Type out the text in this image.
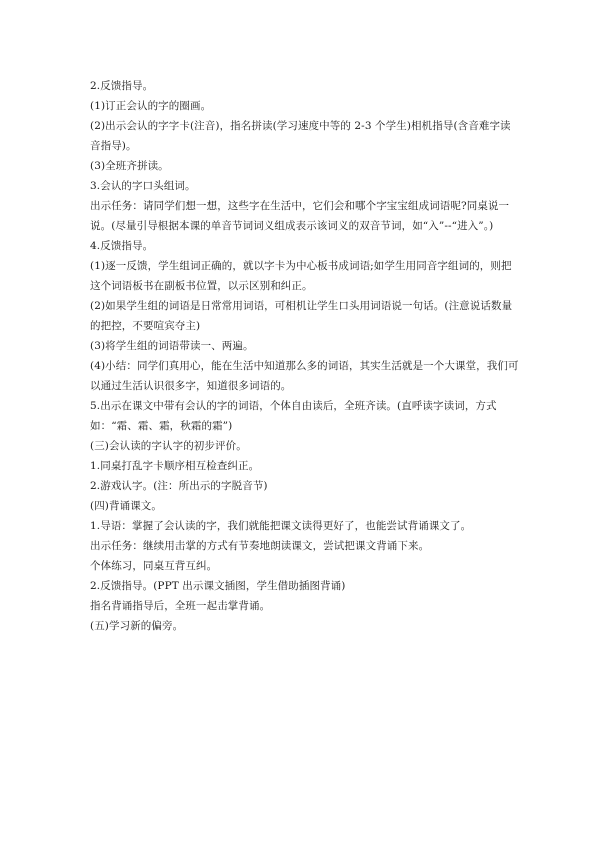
2.反馈指导。

(1)订正会认的字的圈画。

(2)出示会认的字字卡(注音)，指名拼读(学习速度中等的 2-3 个学生)相机指导(含音难字读音指导)。

(3)全班齐拼读。

3.会认的字口头组词。

出示任务：请同学们想一想，这些字在生活中，它们会和哪个字宝宝组成词语呢?同桌说一说。(尽量引导根据本课的单音节词词义组成表示该词义的双音节词，如“入”--“进入”。)

4.反馈指导。

(1)逐一反馈，学生组词正确的，就以字卡为中心板书成词语;如学生用同音字组词的，则把这个词语板书在副板书位置，以示区别和纠正。

(2)如果学生组的词语是日常常用词语，可相机让学生口头用词语说一句话。(注意说话数量的把控，不要喧宾夺主)

(3)将学生组的词语带读一、两遍。

(4)小结：同学们真用心，能在生活中知道那么多的词语，其实生活就是一个大课堂，我们可以通过生活认识很多字，知道很多词语的。

5.出示在课文中带有会认的字的词语，个体自由读后，全班齐读。(直呼读字读词，方式如：“霜、霜、霜，秋霜的霜”)

(三)会认读的字认字的初步评价。

1.同桌打乱字卡顺序相互检查纠正。

2.游戏认字。(注：所出示的字脱音节)

(四)背诵课文。

1.导语：掌握了会认读的字，我们就能把课文读得更好了，也能尝试背诵课文了。

出示任务：继续用击掌的方式有节奏地朗读课文，尝试把课文背诵下来。

个体练习，同桌互背互纠。

2.反馈指导。(PPT 出示课文插图，学生借助插图背诵)

指名背诵指导后，全班一起击掌背诵。

(五)学习新的偏旁。
